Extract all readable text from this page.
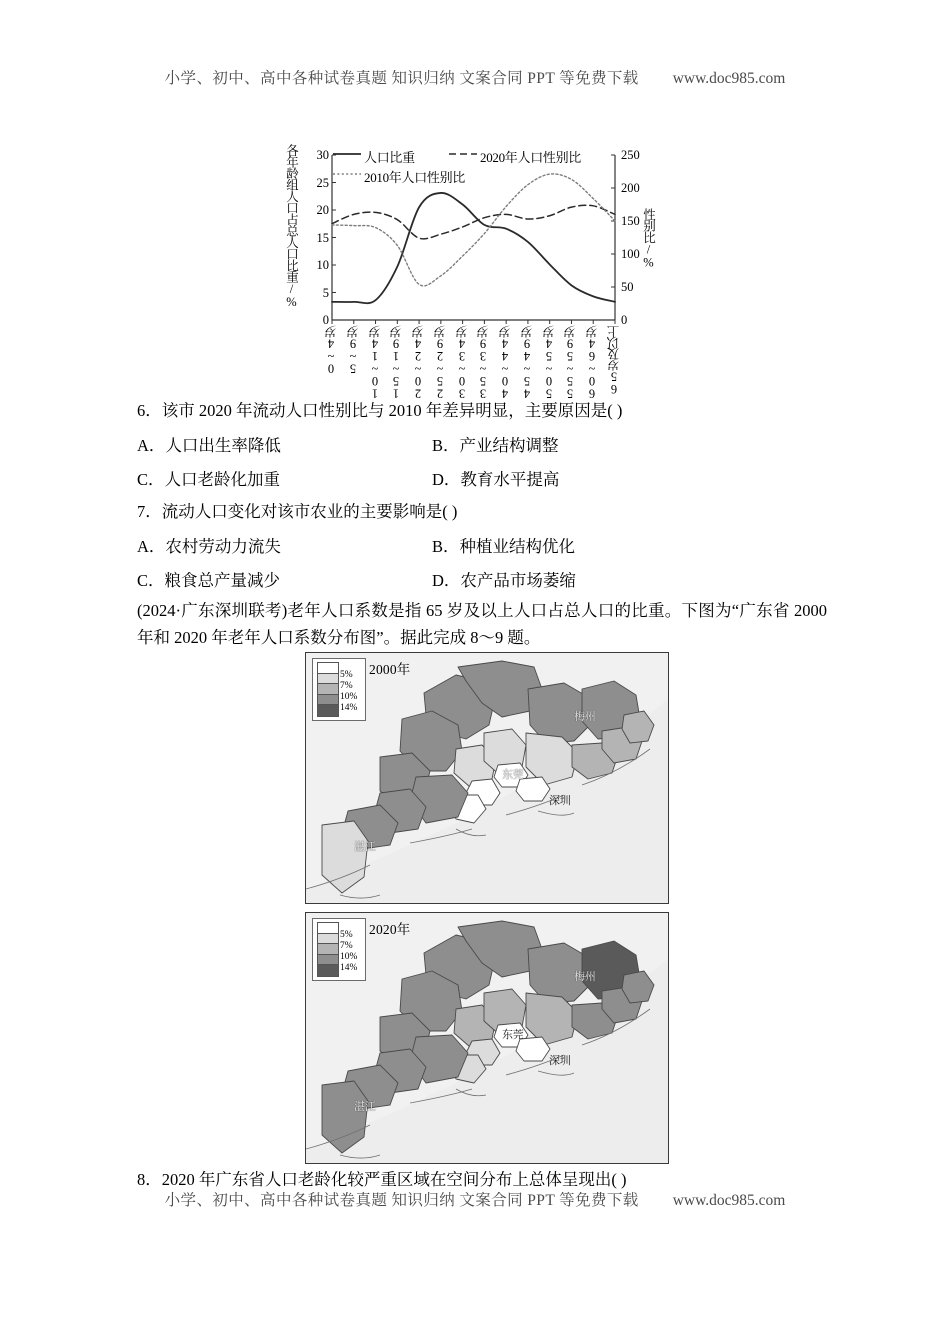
小学、初中、高中各种试卷真题 知识归纳 文案合同 PPT 等免费下载 www.doc985.com
各年龄组人口占总人口比重/%	性别比/%
0
5
10
15
20
25
30
0
50
100
150
200
250
人口比重	2020年人口性别比
2010年人口性别比
0~4岁 5~9岁 10~14岁 15~19岁 20~24岁 25~29岁 30~34岁 35~39岁 40~44岁 45~49岁 50~54岁 55~59岁 60~64岁 65岁及以上
6．该市 2020 年流动人口性别比与 2010 年差异明显，主要原因是( )
A．人口出生率降低	B．产业结构调整
C．人口老龄化加重	D．教育水平提高
7．流动人口变化对该市农业的主要影响是( )
A．农村劳动力流失	B．种植业结构优化
C．粮食总产量减少	D．农产品市场萎缩
(2024·广东深圳联考)老年人口系数是指 65 岁及以上人口占总人口的比重。下图为“广东省 2000 年和 2020 年老年人口系数分布图”。据此完成 8～9 题。
5%
7%
10%
14%
2000年
梅州
东莞
深圳
湛江
5%
7%
10%
14%
2020年
梅州
东莞
深圳
湛江
8．2020 年广东省人口老龄化较严重区域在空间分布上总体呈现出( )
小学、初中、高中各种试卷真题 知识归纳 文案合同 PPT 等免费下载 www.doc985.com
